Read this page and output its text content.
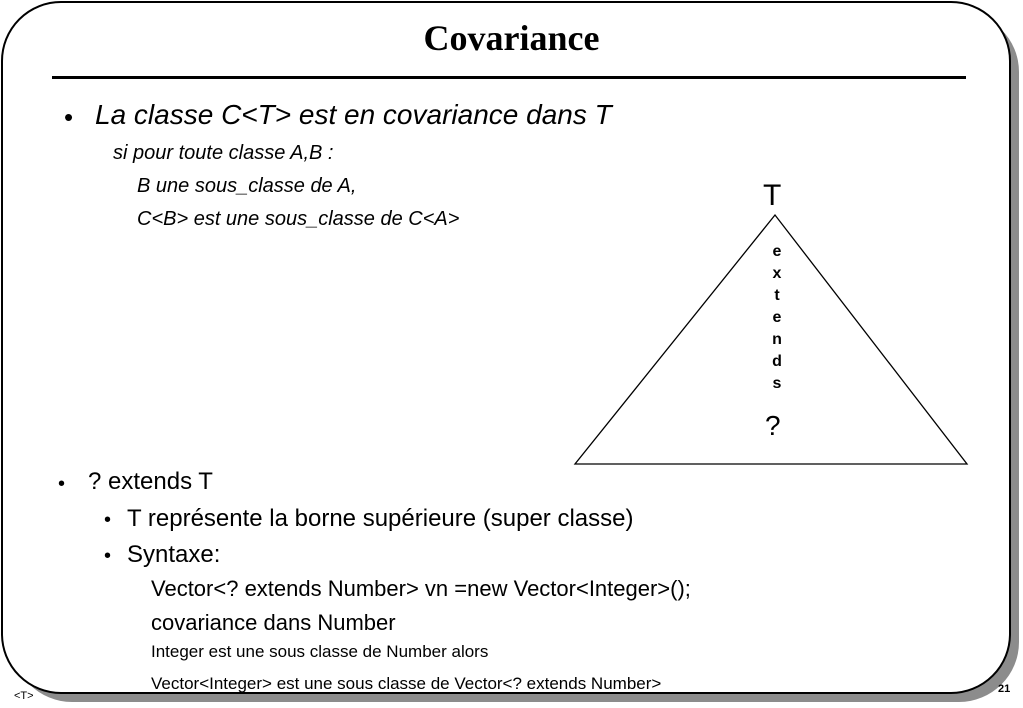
Covariance
• La classe C<T> est en covariance dans T
si pour toute classe A,B :
B une sous_classe de A,
C<B> est une sous_classe de C<A>
T
e
x
t
e
n
d
s
?
• ? extends T
• T représente la borne supérieure (super classe)
• Syntaxe:
Vector<? extends Number> vn =new Vector<Integer>();
covariance dans Number
Integer est une sous classe de Number alors
Vector<Integer> est une sous classe de Vector<? extends Number>
<T>
21
